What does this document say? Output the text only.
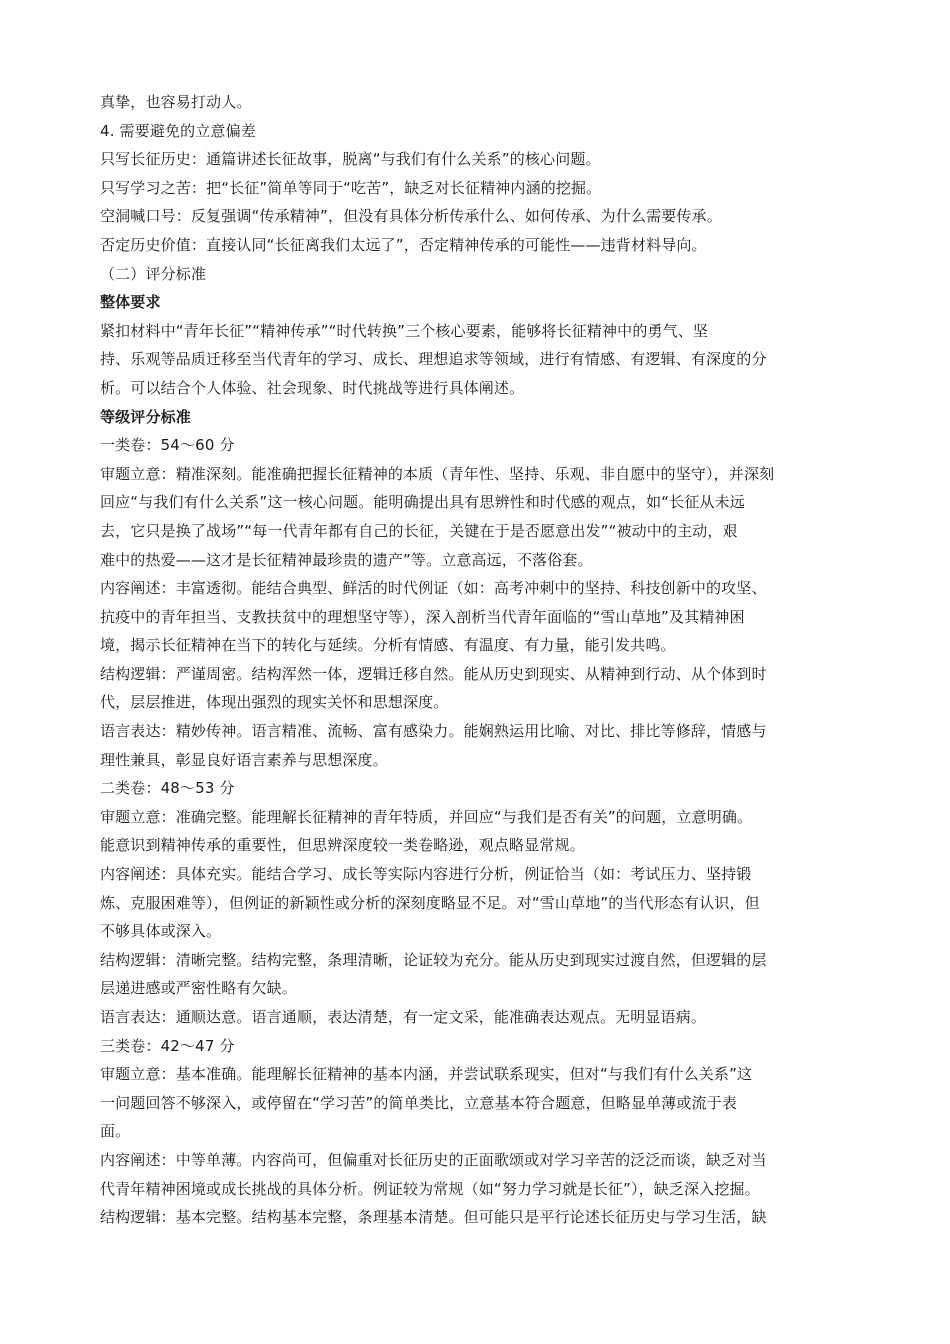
真挚，也容易打动人。
4. 需要避免的立意偏差
只写长征历史：通篇讲述长征故事，脱离“与我们有什么关系”的核心问题。
只写学习之苦：把“长征”简单等同于“吃苦”，缺乏对长征精神内涵的挖掘。
空洞喊口号：反复强调“传承精神”，但没有具体分析传承什么、如何传承、为什么需要传承。
否定历史价值：直接认同“长征离我们太远了”，否定精神传承的可能性——违背材料导向。
（二）评分标准
整体要求
紧扣材料中“青年长征”“精神传承”“时代转换”三个核心要素，能够将长征精神中的勇气、坚
持、乐观等品质迁移至当代青年的学习、成长、理想追求等领域，进行有情感、有逻辑、有深度的分
析。可以结合个人体验、社会现象、时代挑战等进行具体阐述。
等级评分标准
一类卷：54～60 分
审题立意：精准深刻。能准确把握长征精神的本质（青年性、坚持、乐观、非自愿中的坚守），并深刻
回应“与我们有什么关系”这一核心问题。能明确提出具有思辨性和时代感的观点，如“长征从未远
去，它只是换了战场”“每一代青年都有自己的长征，关键在于是否愿意出发”“被动中的主动，艰
难中的热爱——这才是长征精神最珍贵的遗产”等。立意高远，不落俗套。
内容阐述：丰富透彻。能结合典型、鲜活的时代例证（如：高考冲刺中的坚持、科技创新中的攻坚、
抗疫中的青年担当、支教扶贫中的理想坚守等），深入剖析当代青年面临的“雪山草地”及其精神困
境，揭示长征精神在当下的转化与延续。分析有情感、有温度、有力量，能引发共鸣。
结构逻辑：严谨周密。结构浑然一体，逻辑迁移自然。能从历史到现实、从精神到行动、从个体到时
代，层层推进，体现出强烈的现实关怀和思想深度。
语言表达：精妙传神。语言精准、流畅、富有感染力。能娴熟运用比喻、对比、排比等修辞，情感与
理性兼具，彰显良好语言素养与思想深度。
二类卷：48～53 分
审题立意：准确完整。能理解长征精神的青年特质，并回应“与我们是否有关”的问题，立意明确。
能意识到精神传承的重要性，但思辨深度较一类卷略逊，观点略显常规。
内容阐述：具体充实。能结合学习、成长等实际内容进行分析，例证恰当（如：考试压力、坚持锻
炼、克服困难等），但例证的新颖性或分析的深刻度略显不足。对“雪山草地”的当代形态有认识，但
不够具体或深入。
结构逻辑：清晰完整。结构完整，条理清晰，论证较为充分。能从历史到现实过渡自然，但逻辑的层
层递进感或严密性略有欠缺。
语言表达：通顺达意。语言通顺，表达清楚，有一定文采，能准确表达观点。无明显语病。
三类卷：42～47 分
审题立意：基本准确。能理解长征精神的基本内涵，并尝试联系现实，但对“与我们有什么关系”这
一问题回答不够深入，或停留在“学习苦”的简单类比，立意基本符合题意，但略显单薄或流于表
面。
内容阐述：中等单薄。内容尚可，但偏重对长征历史的正面歌颂或对学习辛苦的泛泛而谈，缺乏对当
代青年精神困境或成长挑战的具体分析。例证较为常规（如“努力学习就是长征”），缺乏深入挖掘。
结构逻辑：基本完整。结构基本完整，条理基本清楚。但可能只是平行论述长征历史与学习生活，缺
